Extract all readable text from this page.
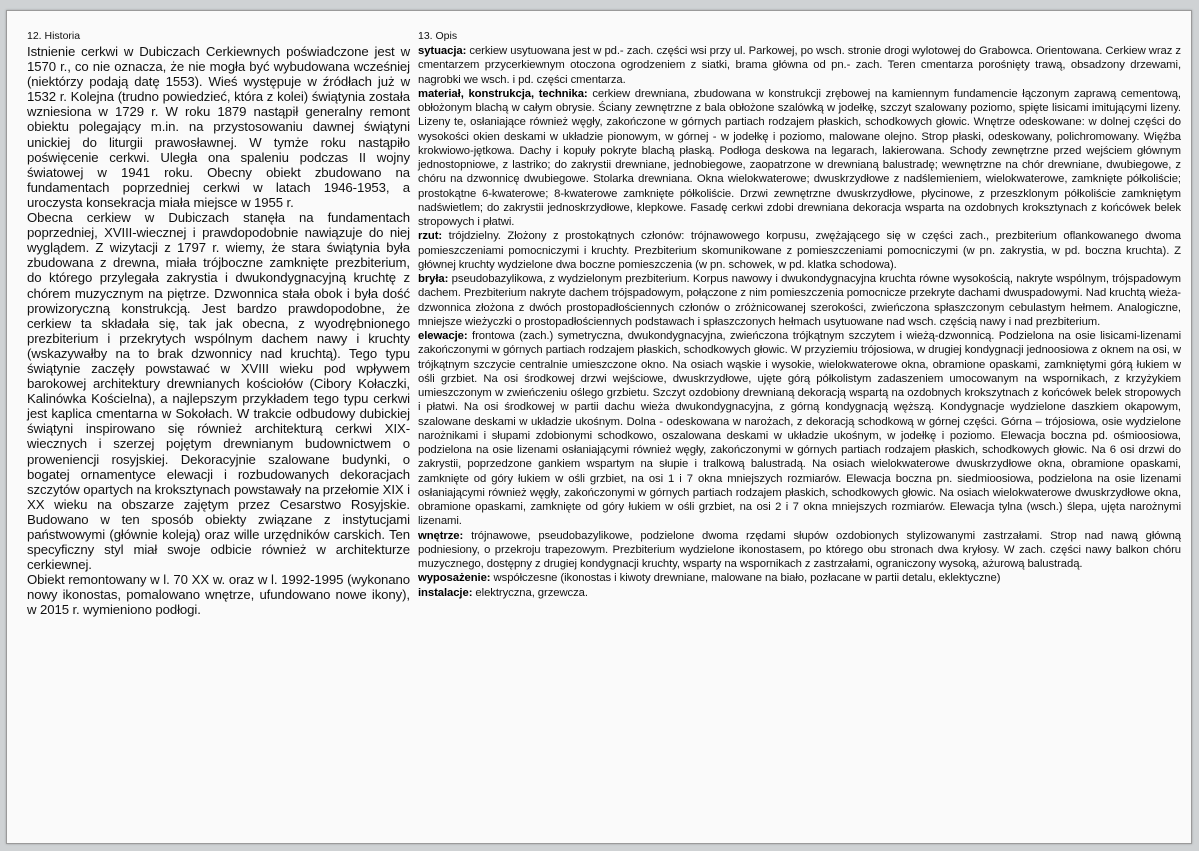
12. Historia

Istnienie cerkwi w Dubiczach Cerkiewnych poświadczone jest w 1570 r., co nie oznacza, że nie mogła być wybudowana wcześniej (niektórzy podają datę 1553). Wieś występuje w źródłach już w 1532 r. Kolejna (trudno powiedzieć, która z kolei) świątynia została wzniesiona w 1729 r. W roku 1879 nastąpił generalny remont obiektu polegający m.in. na przystosowaniu dawnej świątyni unickiej do liturgii prawosławnej. W tymże roku nastąpiło poświęcenie cerkwi. Uległa ona spaleniu podczas II wojny światowej w 1941 roku. Obecny obiekt zbudowano na fundamentach poprzedniej cerkwi w latach 1946-1953, a uroczysta konsekracja miała miejsce w 1955 r.

Obecna cerkiew w Dubiczach stanęła na fundamentach poprzedniej, XVIII-wiecznej i prawdopodobnie nawiązuje do niej wyglądem. Z wizytacji z 1797 r. wiemy, że stara świątynia była zbudowana z drewna, miała trójboczne zamknięte prezbiterium, do którego przylegała zakrystia i dwukondygnacyjną kruchtę z chórem muzycznym na piętrze. Dzwonnica stała obok i była dość prowizoryczną konstrukcją. Jest bardzo prawdopodobne, że cerkiew ta składała się, tak jak obecna, z wyodrębnionego prezbiterium i przekrytych wspólnym dachem nawy i kruchty (wskazywałby na to brak dzwonnicy nad kruchtą). Tego typu świątynie zaczęły powstawać w XVIII wieku pod wpływem barokowej architektury drewnianych kościołów (Cibory Kołaczki, Kalinówka Kościelna), a najlepszym przykładem tego typu cerkwi jest kaplica cmentarna w Sokołach. W trakcie odbudowy dubickiej świątyni inspirowano się również architekturą cerkwi XIX-wiecznych i szerzej pojętym drewnianym budownictwem o proweniencji rosyjskiej. Dekoracyjnie szalowane budynki, o bogatej ornamentyce elewacji i rozbudowanych dekoracjach szczytów opartych na kroksztynach powstawały na przełomie XIX i XX wieku na obszarze zajętym przez Cesarstwo Rosyjskie. Budowano w ten sposób obiekty związane z instytucjami państwowymi (głównie koleją) oraz wille urzędników carskich. Ten specyficzny styl miał swoje odbicie również w architekturze cerkiewnej.

Obiekt remontowany w l. 70 XX w. oraz w l. 1992-1995 (wykonano nowy ikonostas, pomalowano wnętrze, ufundowano nowe ikony), w 2015 r. wymieniono podłogi.

13. Opis

sytuacja: cerkiew usytuowana jest w pd.- zach. części wsi przy ul. Parkowej, po wsch. stronie drogi wylotowej do Grabowca. Orientowana. Cerkiew wraz z cmentarzem przycerkiewnym otoczona ogrodzeniem z siatki, brama główna od pn.- zach. Teren cmentarza porośnięty trawą, obsadzony drzewami, nagrobki we wsch. i pd. części cmentarza.

materiał, konstrukcja, technika: cerkiew drewniana, zbudowana w konstrukcji zrębowej na kamiennym fundamencie łączonym zaprawą cementową, obłożonym blachą w całym obrysie. Ściany zewnętrzne z bala obłożone szalówką w jodełkę, szczyt szalowany poziomo, spięte lisicami imitującymi lizeny. Lizeny te, osłaniające również węgły, zakończone w górnych partiach rodzajem płaskich, schodkowych głowic. Wnętrze odeskowane: w dolnej części do wysokości okien deskami w układzie pionowym, w górnej - w jodełkę i poziomo, malowane olejno. Strop płaski, odeskowany, polichromowany. Więźba krokwiowo-jętkowa. Dachy i kopuły pokryte blachą płaską. Podłoga deskowa na legarach, lakierowana. Schody zewnętrzne przed wejściem głównym jednostopniowe, z lastriko; do zakrystii drewniane, jednobiegowe, zaopatrzone w drewnianą balustradę; wewnętrzne na chór drewniane, dwubiegowe, z chóru na dzwonnicę dwubiegowe. Stolarka drewniana. Okna wielokwaterowe; dwuskrzydłowe z nadślemieniem, wielokwaterowe, zamknięte półkoliście; prostokątne 6-kwaterowe; 8-kwaterowe zamknięte półkoliście. Drzwi zewnętrzne dwuskrzydłowe, płycinowe, z przeszklonym półkoliście zamkniętym nadświetlem; do zakrystii jednoskrzydłowe, klepkowe. Fasadę cerkwi zdobi drewniana dekoracja wsparta na ozdobnych kroksztynach z końcówek belek stropowych i płatwi.

rzut: trójdzielny. Złożony z prostokątnych członów: trójnawowego korpusu, zwężającego się w części zach., prezbiterium oflankowanego dwoma pomieszczeniami pomocniczymi i kruchty. Prezbiterium skomunikowane z pomieszczeniami pomocniczymi (w pn. zakrystia, w pd. boczna kruchta). Z głównej kruchty wydzielone dwa boczne pomieszczenia (w pn. schowek, w pd. klatka schodowa).

bryła: pseudobazylikowa, z wydzielonym prezbiterium. Korpus nawowy i dwukondygnacyjna kruchta równe wysokością, nakryte wspólnym, trójspadowym dachem. Prezbiterium nakryte dachem trójspadowym, połączone z nim pomieszczenia pomocnicze przekryte dachami dwuspadowymi. Nad kruchtą wieża-dzwonnica złożona z dwóch prostopadłościennych członów o zróżnicowanej szerokości, zwieńczona spłaszczonym cebulastym hełmem. Analogiczne, mniejsze wieżyczki o prostopadłościennych podstawach i spłaszczonych hełmach usytuowane nad wsch. częścią nawy i nad prezbiterium.

elewacje: frontowa (zach.) symetryczna, dwukondygnacyjna, zwieńczona trójkątnym szczytem i wieżą-dzwonnicą. Podzielona na osie lisicami-lizenami zakończonymi w górnych partiach rodzajem płaskich, schodkowych głowic. W przyziemiu trójosiowa, w drugiej kondygnacji jednoosiowa z oknem na osi, w trójkątnym szczycie centralnie umieszczone okno. Na osiach wąskie i wysokie, wielokwaterowe okna, obramione opaskami, zamkniętymi górą łukiem w ośli grzbiet. Na osi środkowej drzwi wejściowe, dwuskrzydłowe, ujęte górą półkolistym zadaszeniem umocowanym na wspornikach, z krzyżykiem umieszczonym w zwieńczeniu oślego grzbietu. Szczyt ozdobiony drewnianą dekoracją wspartą na ozdobnych krokszytnach z końcówek belek stropowych i płatwi. Na osi środkowej w partii dachu wieża dwukondygnacyjna, z górną kondygnacją węższą. Kondygnacje wydzielone daszkiem okapowym, szalowane deskami w układzie ukośnym. Dolna - odeskowana w narożach, z dekoracją schodkową w górnej części. Górna – trójosiowa, osie wydzielone narożnikami i słupami zdobionymi schodkowo, oszalowana deskami w układzie ukośnym, w jodełkę i poziomo. Elewacja boczna pd. ośmioosiowa, podzielona na osie lizenami osłaniającymi również węgły, zakończonymi w górnych partiach rodzajem płaskich, schodkowych głowic. Na 6 osi drzwi do zakrystii, poprzedzone gankiem wspartym na słupie i tralkową balustradą. Na osiach wielokwaterowe dwuskrzydłowe okna, obramione opaskami, zamknięte od góry łukiem w ośli grzbiet, na osi 1 i 7 okna mniejszych rozmiarów. Elewacja boczna pn. siedmioosiowa, podzielona na osie lizenami osłaniającymi również węgły, zakończonymi w górnych partiach rodzajem płaskich, schodkowych głowic. Na osiach wielokwaterowe dwuskrzydłowe okna, obramione opaskami, zamknięte od góry łukiem w ośli grzbiet, na osi 2 i 7 okna mniejszych rozmiarów. Elewacja tylna (wsch.) ślepa, ujęta narożnymi lizenami.

wnętrze: trójnawowe, pseudobazylikowe, podzielone dwoma rzędami słupów ozdobionych stylizowanymi zastrzałami. Strop nad nawą główną podniesiony, o przekroju trapezowym. Prezbiterium wydzielone ikonostasem, po którego obu stronach dwa kryłosy. W zach. części nawy balkon chóru muzycznego, dostępny z drugiej kondygnacji kruchty, wsparty na wspornikach z zastrzałami, ograniczony wysoką, ażurową balustradą.

wyposażenie: współczesne (ikonostas i kiwoty drewniane, malowane na biało, pozłacane w partii detalu, eklektyczne)

instalacje: elektryczna, grzewcza.
